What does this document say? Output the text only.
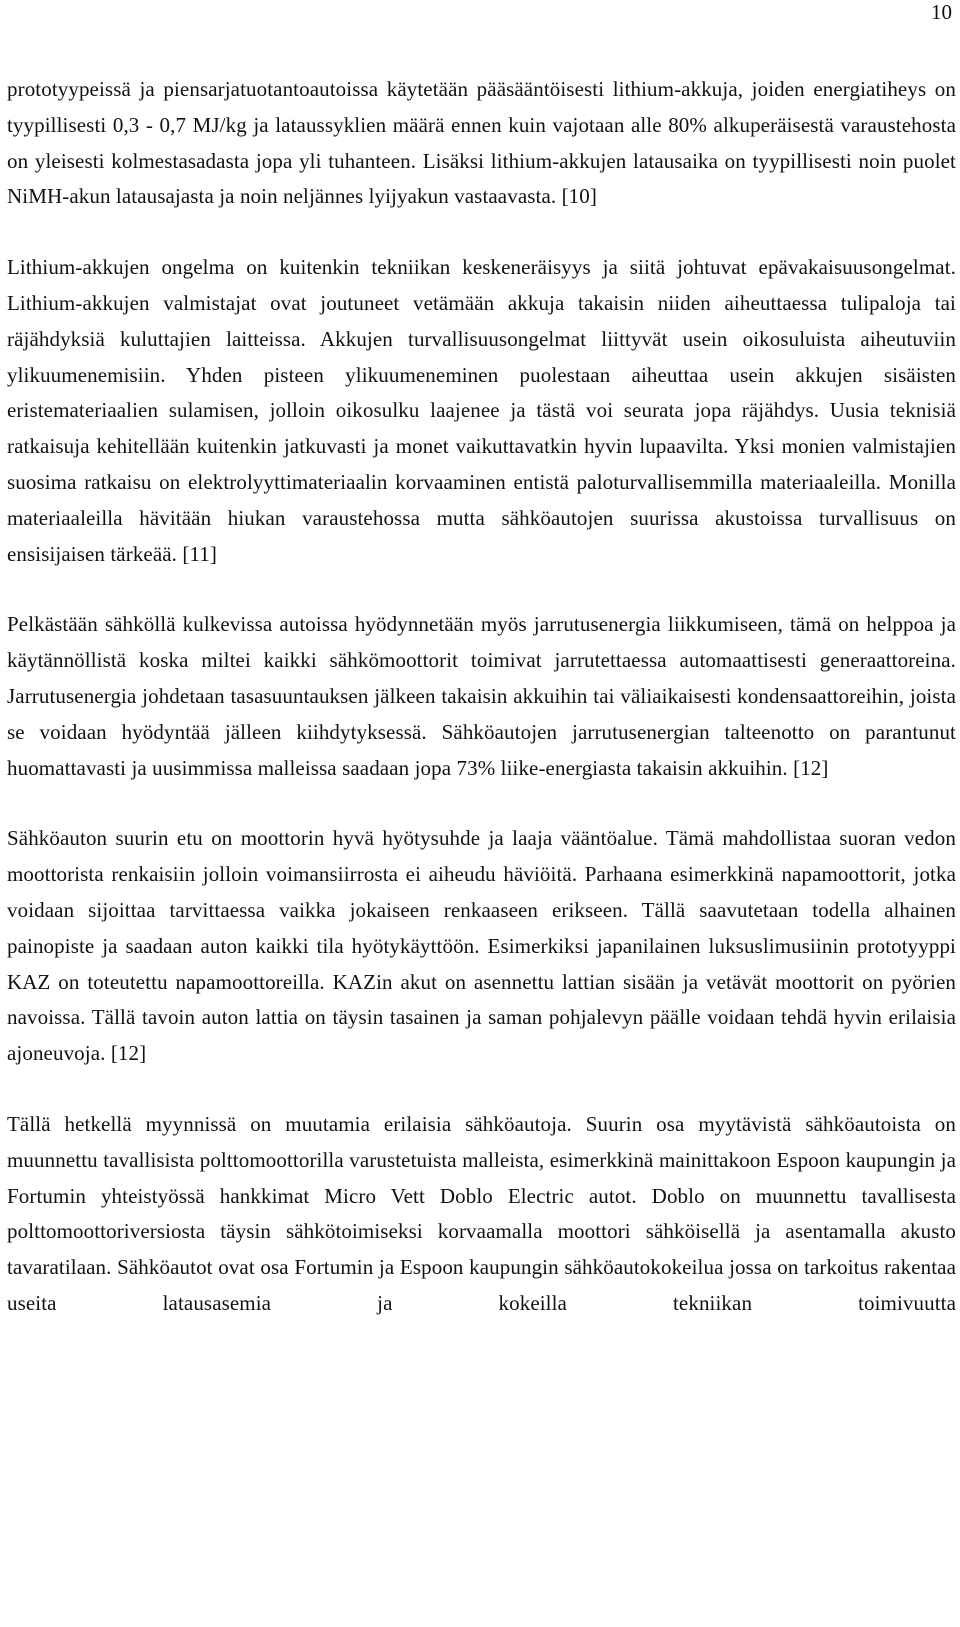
10

prototyypeissä ja piensarjatuotantoautoissa käytetään pääsääntöisesti lithium-akkuja, joiden energiatiheys on tyypillisesti 0,3 - 0,7 MJ/kg ja lataussyklien määrä ennen kuin vajotaan alle 80% alkuperäisestä varaustehosta on yleisesti kolmestasadasta jopa yli tuhanteen. Lisäksi lithium-akkujen latausaika on tyypillisesti noin puolet NiMH-akun latausajasta ja noin neljännes lyijyakun vastaavasta. [10]

Lithium-akkujen ongelma on kuitenkin tekniikan keskeneräisyys ja siitä johtuvat epävakaisuusongelmat. Lithium-akkujen valmistajat ovat joutuneet vetämään akkuja takaisin niiden aiheuttaessa tulipaloja tai räjähdyksiä kuluttajien laitteissa. Akkujen turvallisuusongelmat liittyvät usein oikosuluista aiheutuviin ylikuumenemisiin. Yhden pisteen ylikuumeneminen puolestaan aiheuttaa usein akkujen sisäisten eristemateriaalien sulamisen, jolloin oikosulku laajenee ja tästä voi seurata jopa räjähdys. Uusia teknisiä ratkaisuja kehitellään kuitenkin jatkuvasti ja monet vaikuttavatkin hyvin lupaavilta. Yksi monien valmistajien suosima ratkaisu on elektrolyyttimateriaalin korvaaminen entistä paloturvallisemmilla materiaaleilla. Monilla materiaaleilla hävitään hiukan varaustehossa mutta sähköautojen suurissa akustoissa turvallisuus on ensisijaisen tärkeää. [11]

Pelkästään sähköllä kulkevissa autoissa hyödynnetään myös jarrutusenergia liikkumiseen, tämä on helppoa ja käytännöllistä koska miltei kaikki sähkömoottorit toimivat jarrutettaessa automaattisesti generaattoreina. Jarrutusenergia johdetaan tasasuuntauksen jälkeen takaisin akkuihin tai väliaikaisesti kondensaattoreihin, joista se voidaan hyödyntää jälleen kiihdytyksessä. Sähköautojen jarrutusenergian talteenotto on parantunut huomattavasti ja uusimmissa malleissa saadaan jopa 73% liike-energiasta takaisin akkuihin. [12]

Sähköauton suurin etu on moottorin hyvä hyötysuhde ja laaja vääntöalue. Tämä mahdollistaa suoran vedon moottorista renkaisiin jolloin voimansiirrosta ei aiheudu häviöitä. Parhaana esimerkkinä napamoottorit, jotka voidaan sijoittaa tarvittaessa vaikka jokaiseen renkaaseen erikseen. Tällä saavutetaan todella alhainen painopiste ja saadaan auton kaikki tila hyötykäyttöön. Esimerkiksi japanilainen luksuslimusiinin prototyyppi KAZ on toteutettu napamoottoreilla. KAZin akut on asennettu lattian sisään ja vetävät moottorit on pyörien navoissa. Tällä tavoin auton lattia on täysin tasainen ja saman pohjalevyn päälle voidaan tehdä hyvin erilaisia ajoneuvoja. [12]

Tällä hetkellä myynnissä on muutamia erilaisia sähköautoja. Suurin osa myytävistä sähköautoista on muunnettu tavallisista polttomoottorilla varustetuista malleista, esimerkkinä mainittakoon Espoon kaupungin ja Fortumin yhteistyössä hankkimat Micro Vett Doblo Electric autot. Doblo on muunnettu tavallisesta polttomoottoriversiosta täysin sähkötoimiseksi korvaamalla moottori sähköisellä ja asentamalla akusto tavaratilaan. Sähköautot ovat osa Fortumin ja Espoon kaupungin sähköautokokeilua jossa on tarkoitus rakentaa useita latausasemia ja kokeilla tekniikan toimivuutta
